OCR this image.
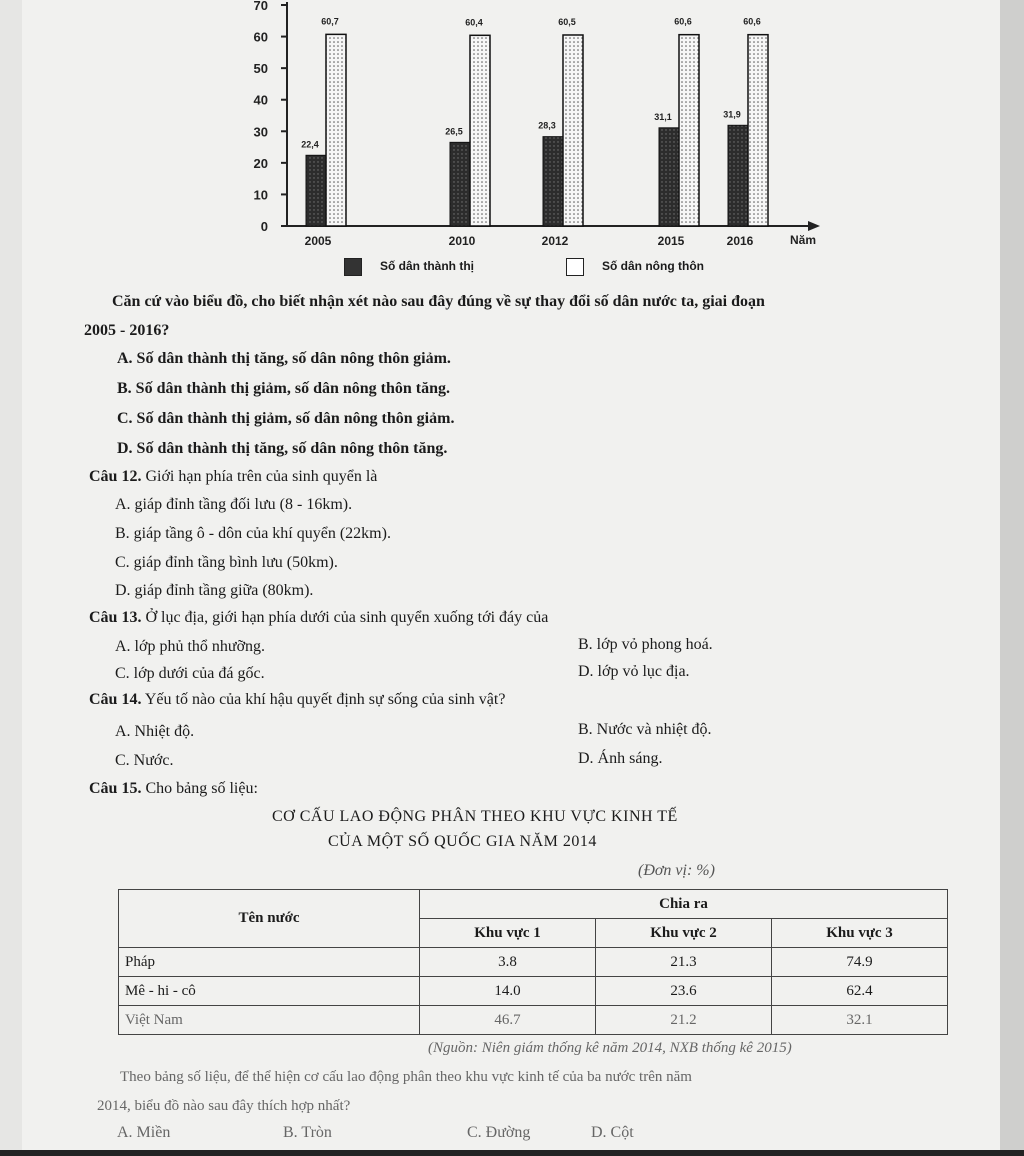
0
10
20
30
40
50
60
70
Năm
22,4
60,7
2005
26,5
60,4
2010
28,3
60,5
2012
31,1
60,6
2015
31,9
60,6
2016
Số dân thành thị	Số dân nông thôn
Căn cứ vào biểu đồ, cho biết nhận xét nào sau đây đúng về sự thay đổi số dân nước ta, giai đoạn
2005 - 2016?
A. Số dân thành thị tăng, số dân nông thôn giảm.
B. Số dân thành thị giảm, số dân nông thôn tăng.
C. Số dân thành thị giảm, số dân nông thôn giảm.
D. Số dân thành thị tăng, số dân nông thôn tăng.
Câu 12. Giới hạn phía trên của sinh quyển là
A. giáp đỉnh tầng đối lưu (8 - 16km).
B. giáp tầng ô - dôn của khí quyển (22km).
C. giáp đỉnh tầng bình lưu (50km).
D. giáp đỉnh tầng giữa (80km).
Câu 13. Ở lục địa, giới hạn phía dưới của sinh quyển xuống tới đáy của
A. lớp phủ thổ nhưỡng.	B. lớp vỏ phong hoá.
C. lớp dưới của đá gốc.	D. lớp vỏ lục địa.
Câu 14. Yếu tố nào của khí hậu quyết định sự sống của sinh vật?
A. Nhiệt độ.	B. Nước và nhiệt độ.
C. Nước.	D. Ánh sáng.
Câu 15. Cho bảng số liệu:
CƠ CẤU LAO ĐỘNG PHÂN THEO KHU VỰC KINH TẾ
CỦA MỘT SỐ QUỐC GIA NĂM 2014
(Đơn vị: %)
Tên nước	Chia ra		
	Khu vực 1	Khu vực 2	Khu vực 3
Pháp	3.8	21.3	74.9
Mê - hi - cô	14.0	23.6	62.4
Việt Nam	46.7	21.2	32.1
(Nguồn: Niên giám thống kê năm 2014, NXB thống kê 2015)
Theo bảng số liệu, để thể hiện cơ cấu lao động phân theo khu vực kinh tế của ba nước trên năm
2014, biểu đồ nào sau đây thích hợp nhất?
A. Miền	B. Tròn	C. Đường	D. Cột
